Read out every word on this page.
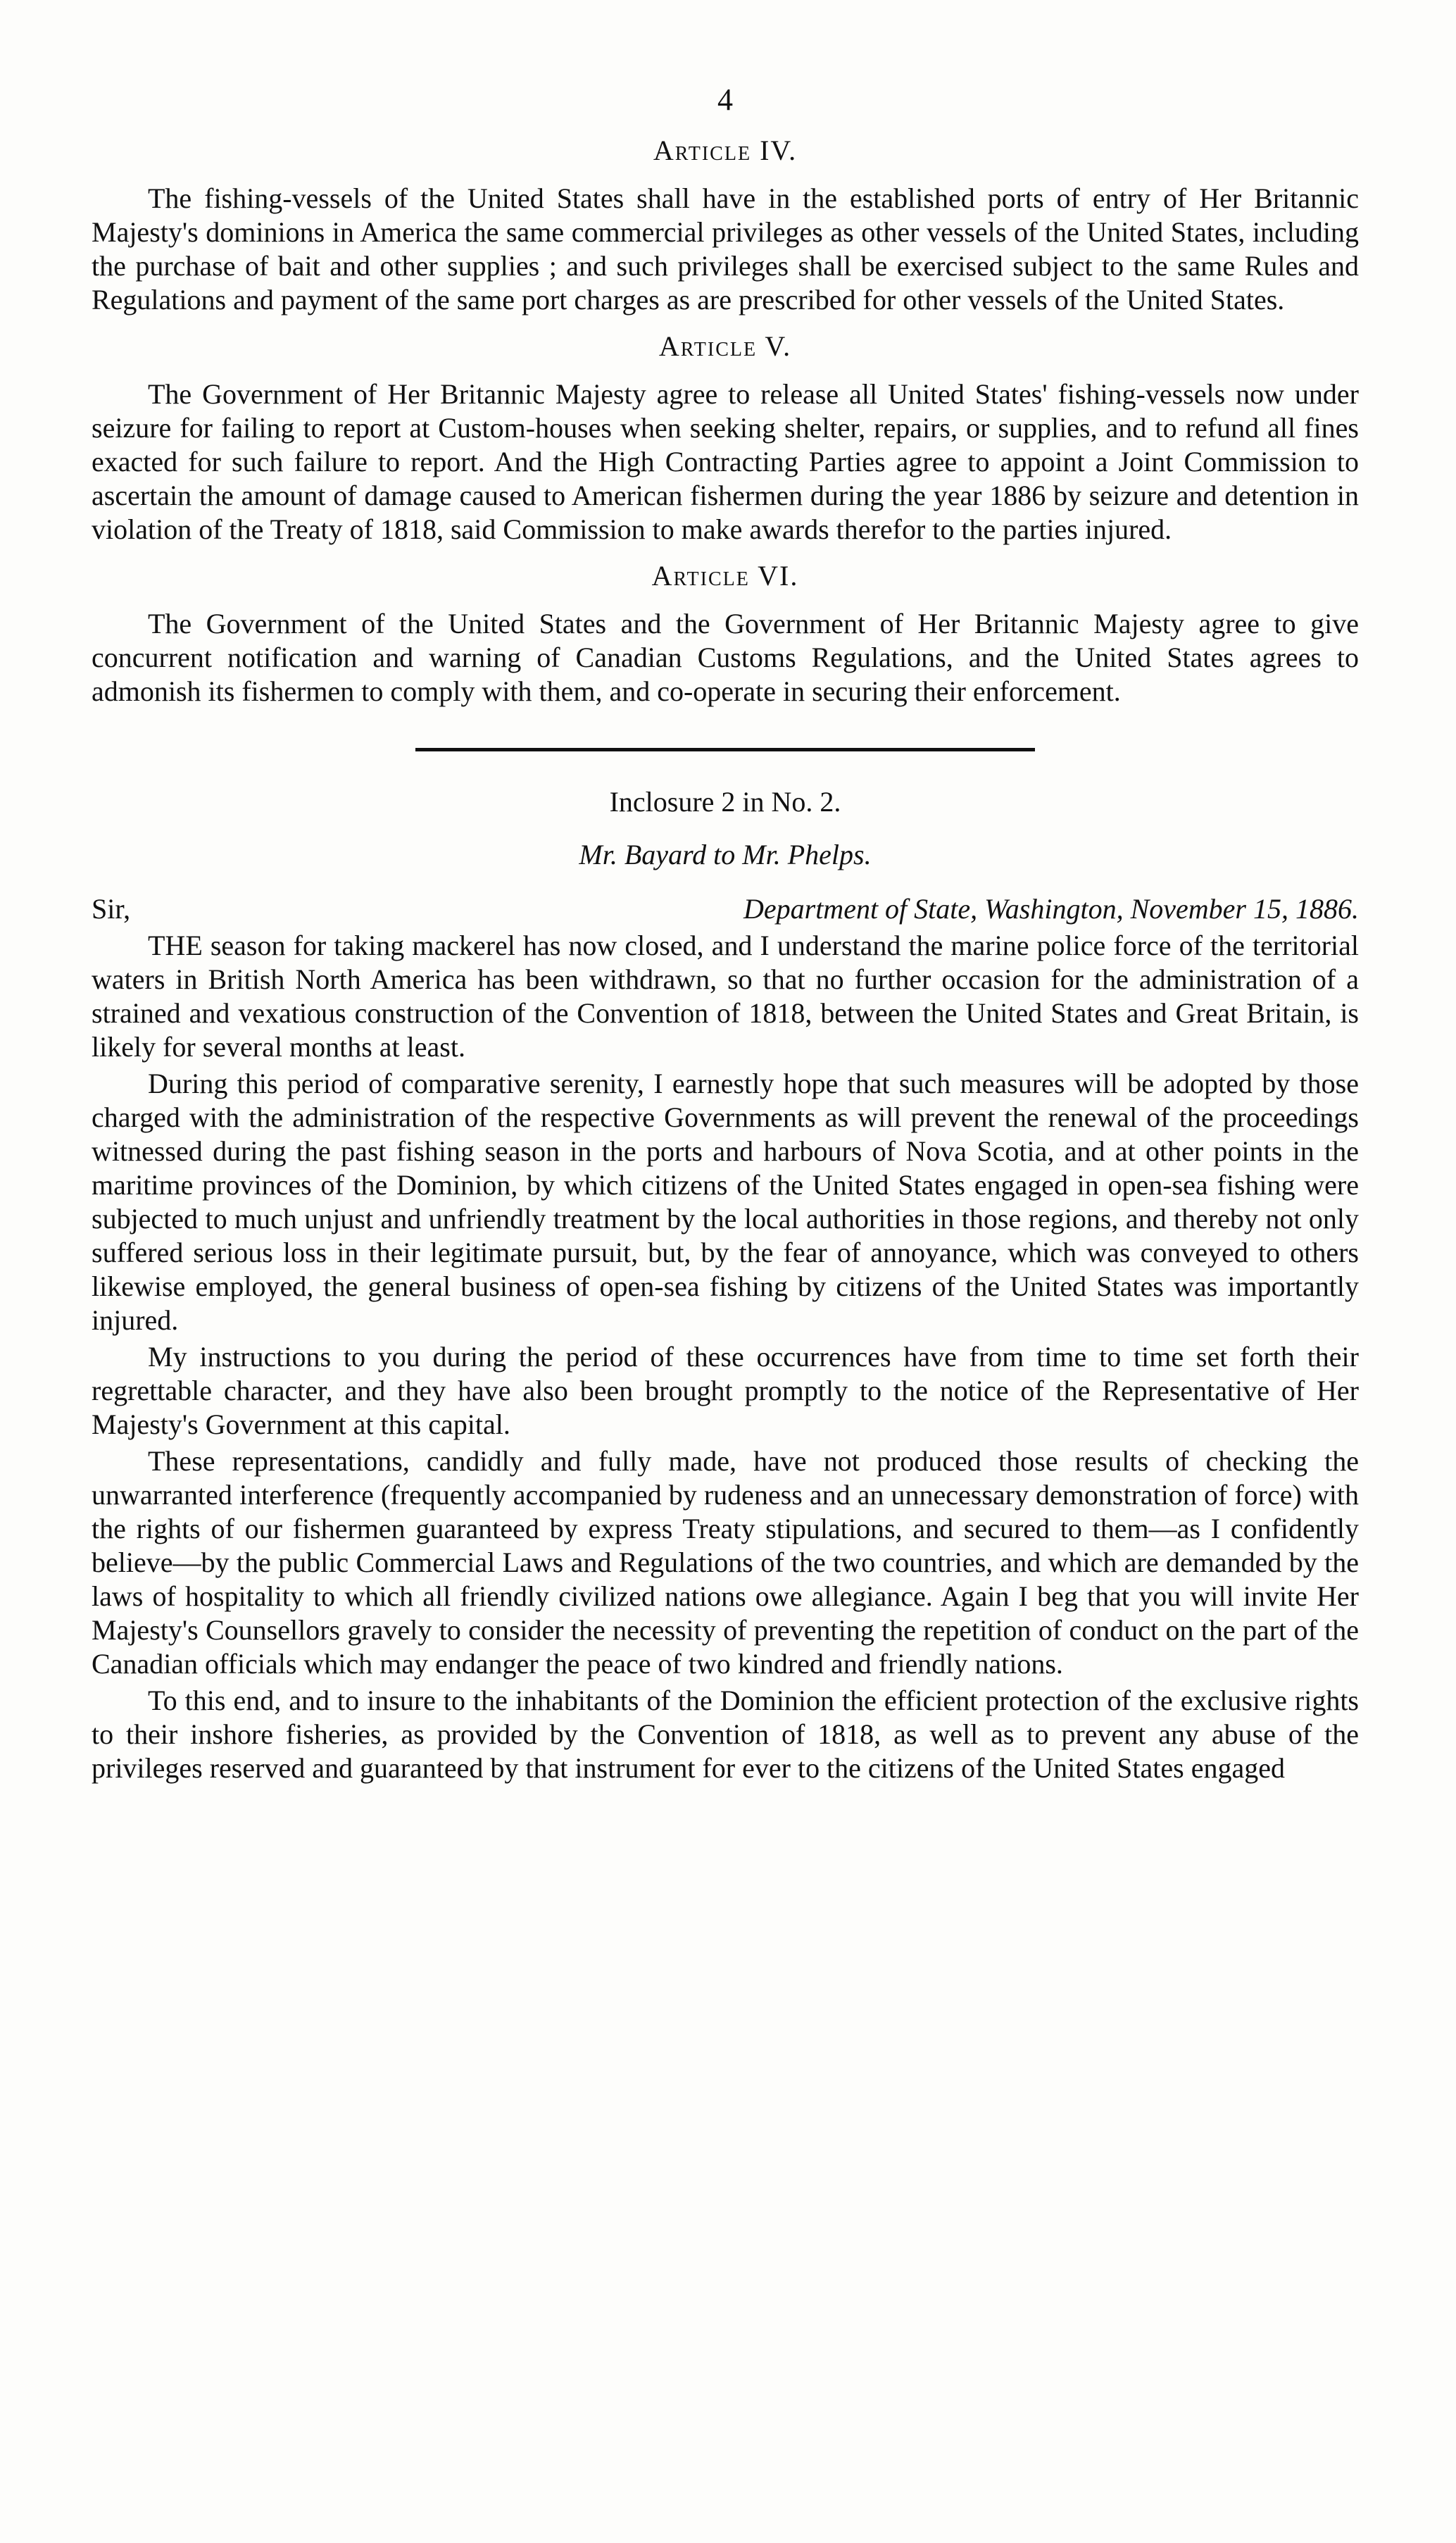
4
Article IV.

The fishing-vessels of the United States shall have in the established ports of entry of Her Britannic Majesty's dominions in America the same commercial privileges as other vessels of the United States, including the purchase of bait and other supplies ; and such privileges shall be exercised subject to the same Rules and Regulations and payment of the same port charges as are prescribed for other vessels of the United States.

Article V.

The Government of Her Britannic Majesty agree to release all United States' fishing-vessels now under seizure for failing to report at Custom-houses when seeking shelter, repairs, or supplies, and to refund all fines exacted for such failure to report. And the High Contracting Parties agree to appoint a Joint Commission to ascertain the amount of damage caused to American fishermen during the year 1886 by seizure and detention in violation of the Treaty of 1818, said Commission to make awards therefor to the parties injured.

Article VI.

The Government of the United States and the Government of Her Britannic Majesty agree to give concurrent notification and warning of Canadian Customs Regulations, and the United States agrees to admonish its fishermen to comply with them, and co-operate in securing their enforcement.

Inclosure 2 in No. 2.
Mr. Bayard to Mr. Phelps.
Sir,	Department of State, Washington, November 15, 1886.

THE season for taking mackerel has now closed, and I understand the marine police force of the territorial waters in British North America has been withdrawn, so that no further occasion for the administration of a strained and vexatious construction of the Convention of 1818, between the United States and Great Britain, is likely for several months at least.

During this period of comparative serenity, I earnestly hope that such measures will be adopted by those charged with the administration of the respective Governments as will prevent the renewal of the proceedings witnessed during the past fishing season in the ports and harbours of Nova Scotia, and at other points in the maritime provinces of the Dominion, by which citizens of the United States engaged in open-sea fishing were subjected to much unjust and unfriendly treatment by the local authorities in those regions, and thereby not only suffered serious loss in their legitimate pursuit, but, by the fear of annoyance, which was conveyed to others likewise employed, the general business of open-sea fishing by citizens of the United States was importantly injured.

My instructions to you during the period of these occurrences have from time to time set forth their regrettable character, and they have also been brought promptly to the notice of the Representative of Her Majesty's Government at this capital.

These representations, candidly and fully made, have not produced those results of checking the unwarranted interference (frequently accompanied by rudeness and an unnecessary demonstration of force) with the rights of our fishermen guaranteed by express Treaty stipulations, and secured to them—as I confidently believe—by the public Commercial Laws and Regulations of the two countries, and which are demanded by the laws of hospitality to which all friendly civilized nations owe allegiance. Again I beg that you will invite Her Majesty's Counsellors gravely to consider the necessity of preventing the repetition of conduct on the part of the Canadian officials which may endanger the peace of two kindred and friendly nations.

To this end, and to insure to the inhabitants of the Dominion the efficient protection of the exclusive rights to their inshore fisheries, as provided by the Convention of 1818, as well as to prevent any abuse of the privileges reserved and guaranteed by that instrument for ever to the citizens of the United States engaged
